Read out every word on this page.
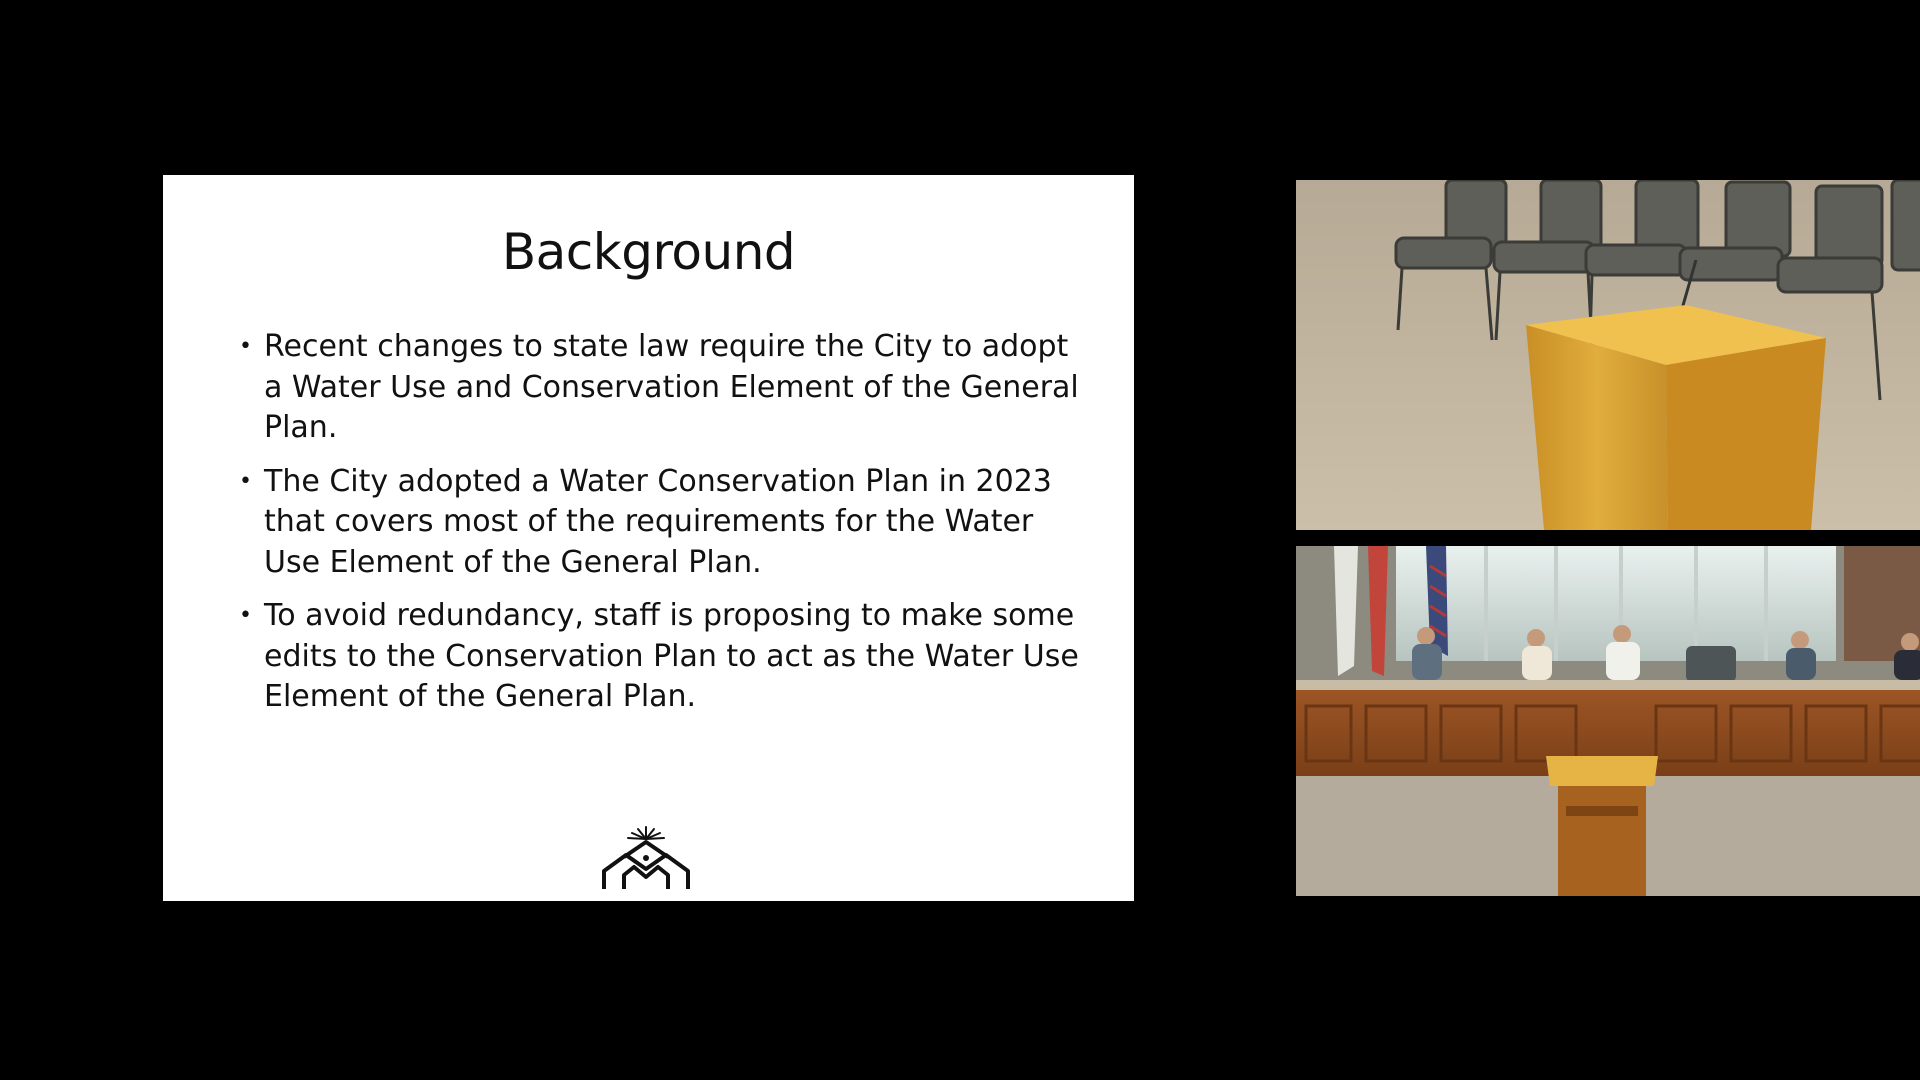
Background
• Recent changes to state law require the City to adopt a Water Use and Conservation Element of the General Plan.
• The City adopted a Water Conservation Plan in 2023 that covers most of the requirements for the Water Use Element of the General Plan.
• To avoid redundancy, staff is proposing to make some edits to the Conservation Plan to act as the Water Use Element of the General Plan.
